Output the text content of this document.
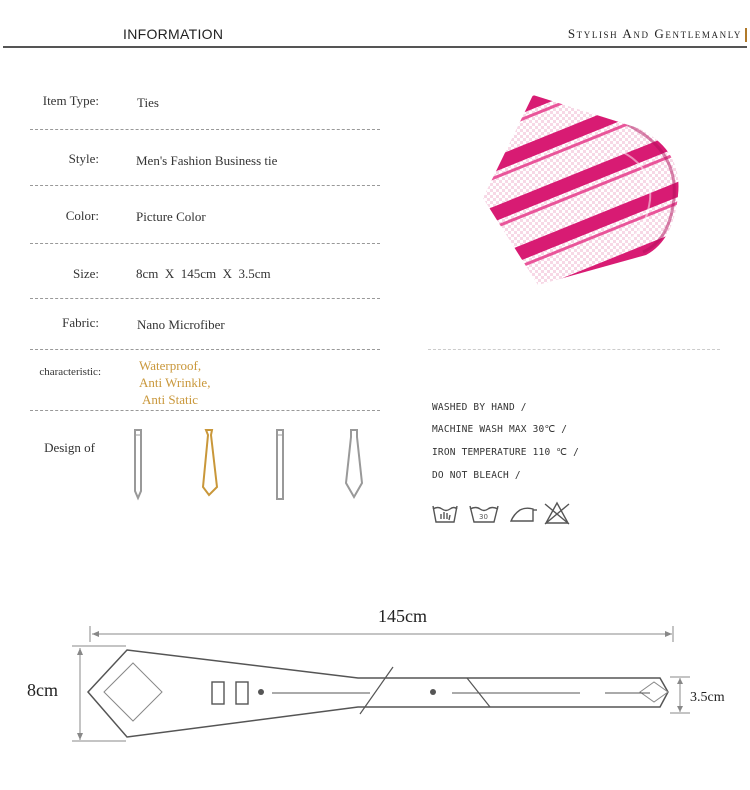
INFORMATION	Stylish And Gentlemanly
Item Type:	Ties
Style:	Men's Fashion Business tie
Color:	Picture Color
Size:	8cm  X  145cm  X  3.5cm
Fabric:	Nano Microfiber
characteristic:	Waterproof,
Anti Wrinkle,
Anti Static
Design of
WASHED BY HAND /
MACHINE WASH MAX 30℃ /
IRON TEMPERATURE 110 ℃ /
DO NOT BLEACH /
30
145cm
8cm	3.5cm
